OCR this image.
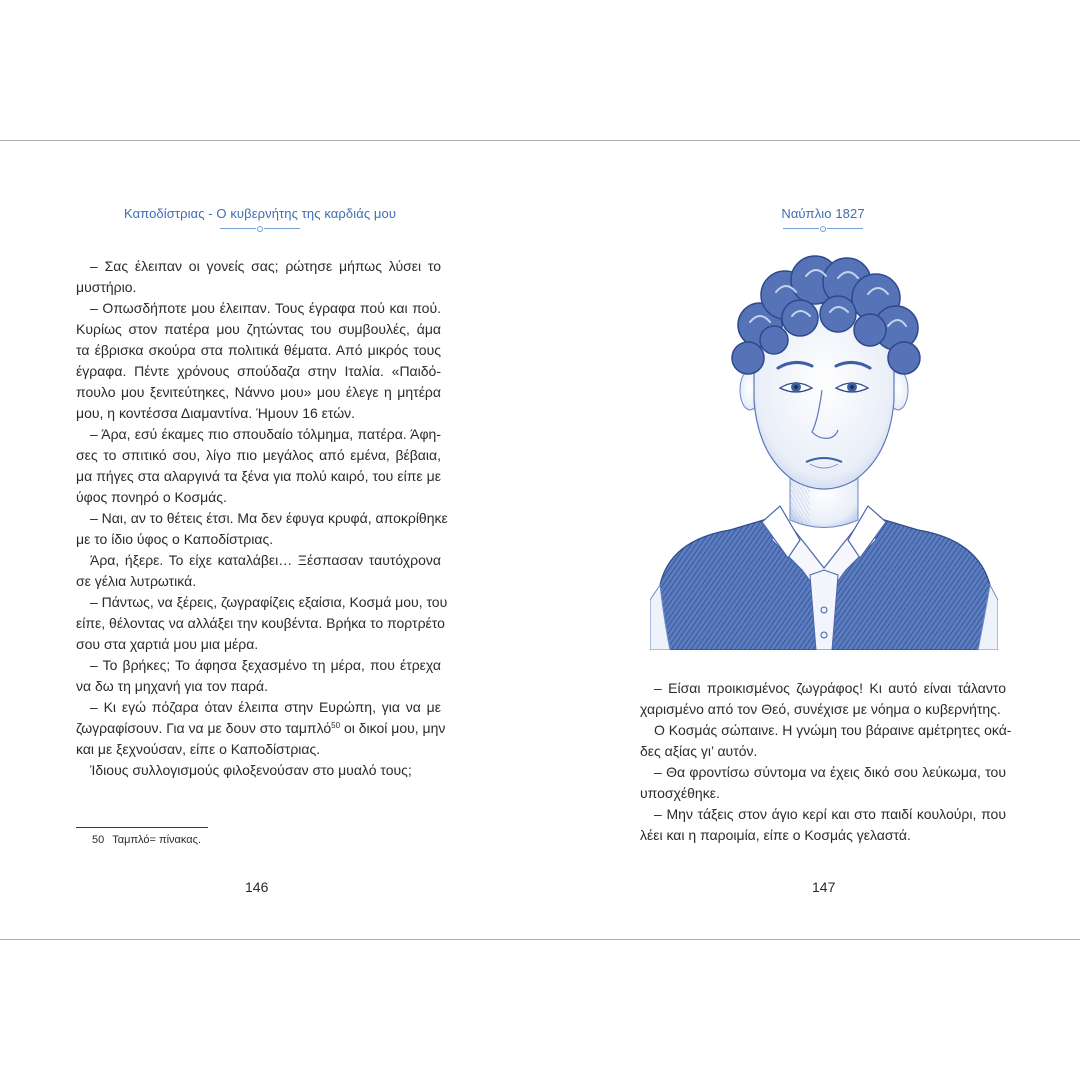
Καποδίστριας - Ο κυβερνήτης της καρδιάς μου
– Σας έλειπαν οι γονείς σας; ρώτησε μήπως λύσει το
μυστήριο.
– Οπωσδήποτε μου έλειπαν. Τους έγραφα πού και πού.
Κυρίως στον πατέρα μου ζητώντας του συμβουλές, άμα
τα έβρισκα σκούρα στα πολιτικά θέματα. Από μικρός τους
έγραφα. Πέντε χρόνους σπούδαζα στην Ιταλία. «Παιδό-
πουλο μου ξενιτεύτηκες, Νάννο μου» μου έλεγε η μητέρα
μου, η κοντέσσα Διαμαντίνα. Ήμουν 16 ετών.
– Άρα, εσύ έκαμες πιο σπουδαίο τόλμημα, πατέρα. Άφη-
σες το σπιτικό σου, λίγο πιο μεγάλος από εμένα, βέβαια,
μα πήγες στα αλαργινά τα ξένα για πολύ καιρό, του είπε με
ύφος πονηρό ο Κοσμάς.
– Ναι, αν το θέτεις έτσι. Μα δεν έφυγα κρυφά, αποκρίθηκε
με το ίδιο ύφος ο Καποδίστριας.
Άρα, ήξερε. Το είχε καταλάβει… Ξέσπασαν ταυτόχρονα
σε γέλια λυτρωτικά.
– Πάντως, να ξέρεις, ζωγραφίζεις εξαίσια, Κοσμά μου, του
είπε, θέλοντας να αλλάξει την κουβέντα. Βρήκα το πορτρέτο
σου στα χαρτιά μου μια μέρα.
– Το βρήκες; Το άφησα ξεχασμένο τη μέρα, που έτρεχα
να δω τη μηχανή για τον παρά.
– Κι εγώ πόζαρα όταν έλειπα στην Ευρώπη, για να με
ζωγραφίσουν. Για να με δουν στο ταμπλό$^{50}$ οι δικοί μου, μην
και με ξεχνούσαν, είπε ο Καποδίστριας.
Ίδιους συλλογισμούς φιλοξενούσαν στο μυαλό τους;
50 Ταμπλό= πίνακας.
146
Ναύπλιο 1827
– Είσαι προικισμένος ζωγράφος! Κι αυτό είναι τάλαντο
χαρισμένο από τον Θεό, συνέχισε με νόημα ο κυβερνήτης.
Ο Κοσμάς σώπαινε. Η γνώμη του βάραινε αμέτρητες οκά-
δες αξίας γι’ αυτόν.
– Θα φροντίσω σύντομα να έχεις δικό σου λεύκωμα, του
υποσχέθηκε.
– Μην τάξεις στον άγιο κερί και στο παιδί κουλούρι, που
λέει και η παροιμία, είπε ο Κοσμάς γελαστά.
147
